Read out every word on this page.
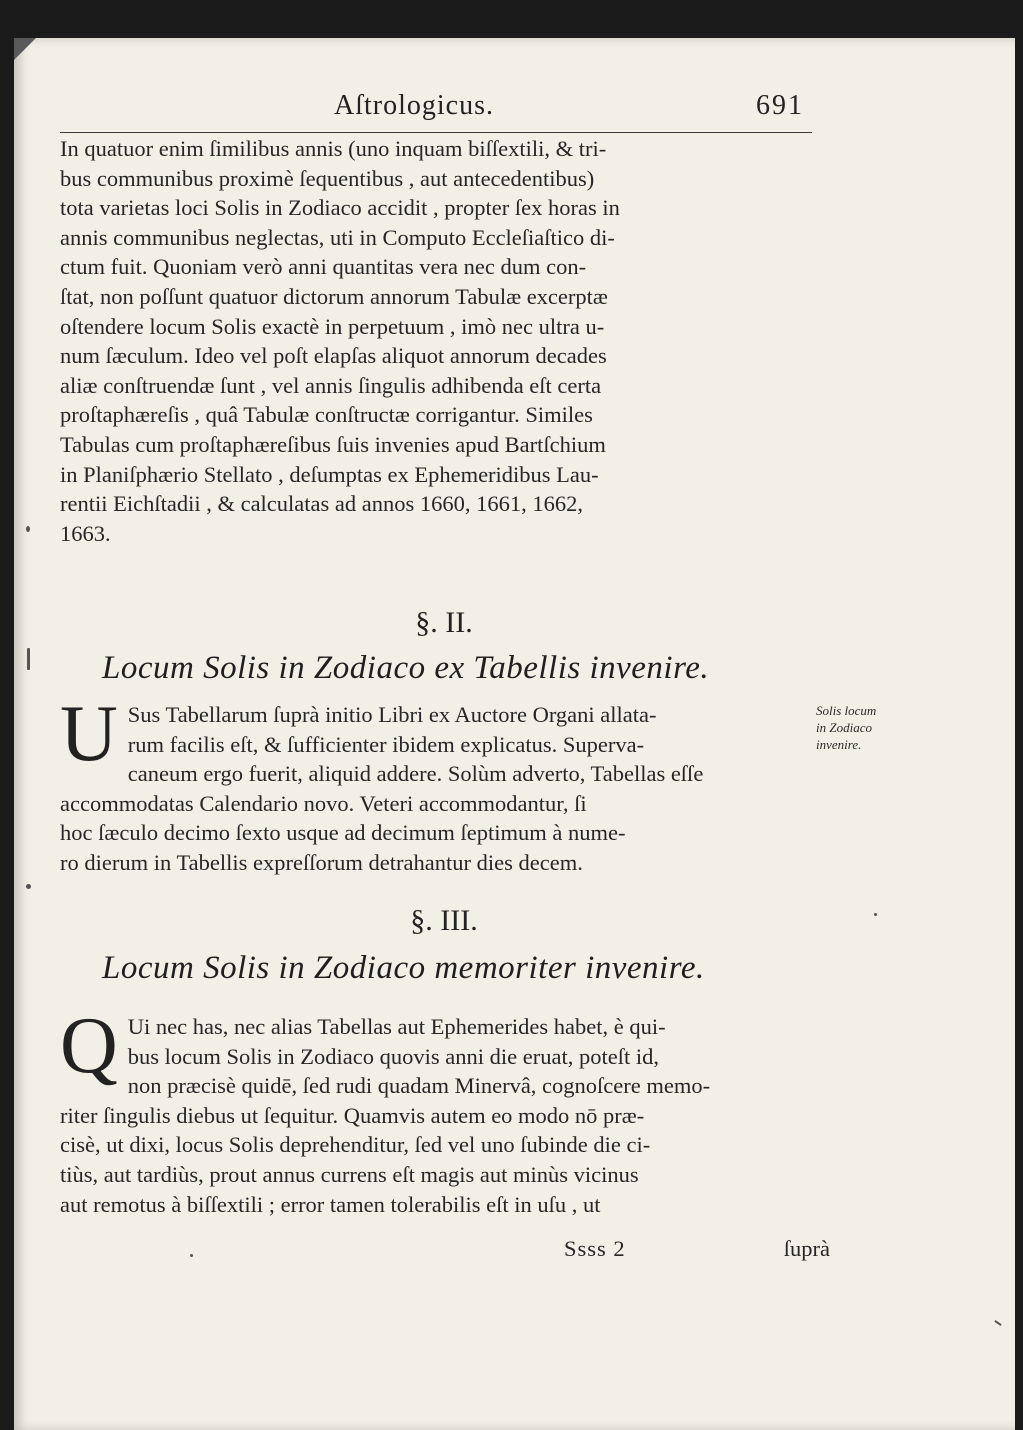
Aſtrologicus.	691
In quatuor enim ſimilibus annis (uno inquam biſſextili, & tri-
bus communibus proximè ſequentibus , aut antecedentibus)
tota varietas loci Solis in Zodiaco accidit , propter ſex horas in
annis communibus neglectas, uti in Computo Eccleſiaſtico di-
ctum fuit. Quoniam verò anni quantitas vera nec dum con-
ſtat, non poſſunt quatuor dictorum annorum Tabulæ excerptæ
oſtendere locum Solis exactè in perpetuum , imò nec ultra u-
num ſæculum. Ideo vel poſt elapſas aliquot annorum decades
aliæ conſtruendæ ſunt , vel annis ſingulis adhibenda eſt certa
proſtaphæreſis , quâ Tabulæ conſtructæ corrigantur. Similes
Tabulas cum proſtaphæreſibus ſuis invenies apud Bartſchium
in Planiſphærio Stellato , deſumptas ex Ephemeridibus Lau-
rentii Eichſtadii , & calculatas ad annos 1660, 1661, 1662,
1663.
§. II.
Locum Solis in Zodiaco ex Tabellis invenire.
U Sus Tabellarum ſuprà initio Libri ex Auctore Organi allata-
rum facilis eſt, & ſufficienter ibidem explicatus. Superva-
caneum ergo fuerit, aliquid addere. Solùm adverto, Tabellas eſſe
accommodatas Calendario novo. Veteri accommodantur, ſi
hoc ſæculo decimo ſexto usque ad decimum ſeptimum à nume-
ro dierum in Tabellis expreſſorum detrahantur dies decem.
Solis locum
in Zodiaco
invenire.
§. III.
Locum Solis in Zodiaco memoriter invenire.
Q Ui nec has, nec alias Tabellas aut Ephemerides habet, è qui-
bus locum Solis in Zodiaco quovis anni die eruat, poteſt id,
non præcisè quidē, ſed rudi quadam Minervâ, cognoſcere memo-
riter ſingulis diebus ut ſequitur. Quamvis autem eo modo nō præ-
cisè, ut dixi, locus Solis deprehenditur, ſed vel uno ſubinde die ci-
tiùs, aut tardiùs, prout annus currens eſt magis aut minùs vicinus
aut remotus à biſſextili ; error tamen tolerabilis eſt in uſu , ut
Ssss 2	ſuprà
